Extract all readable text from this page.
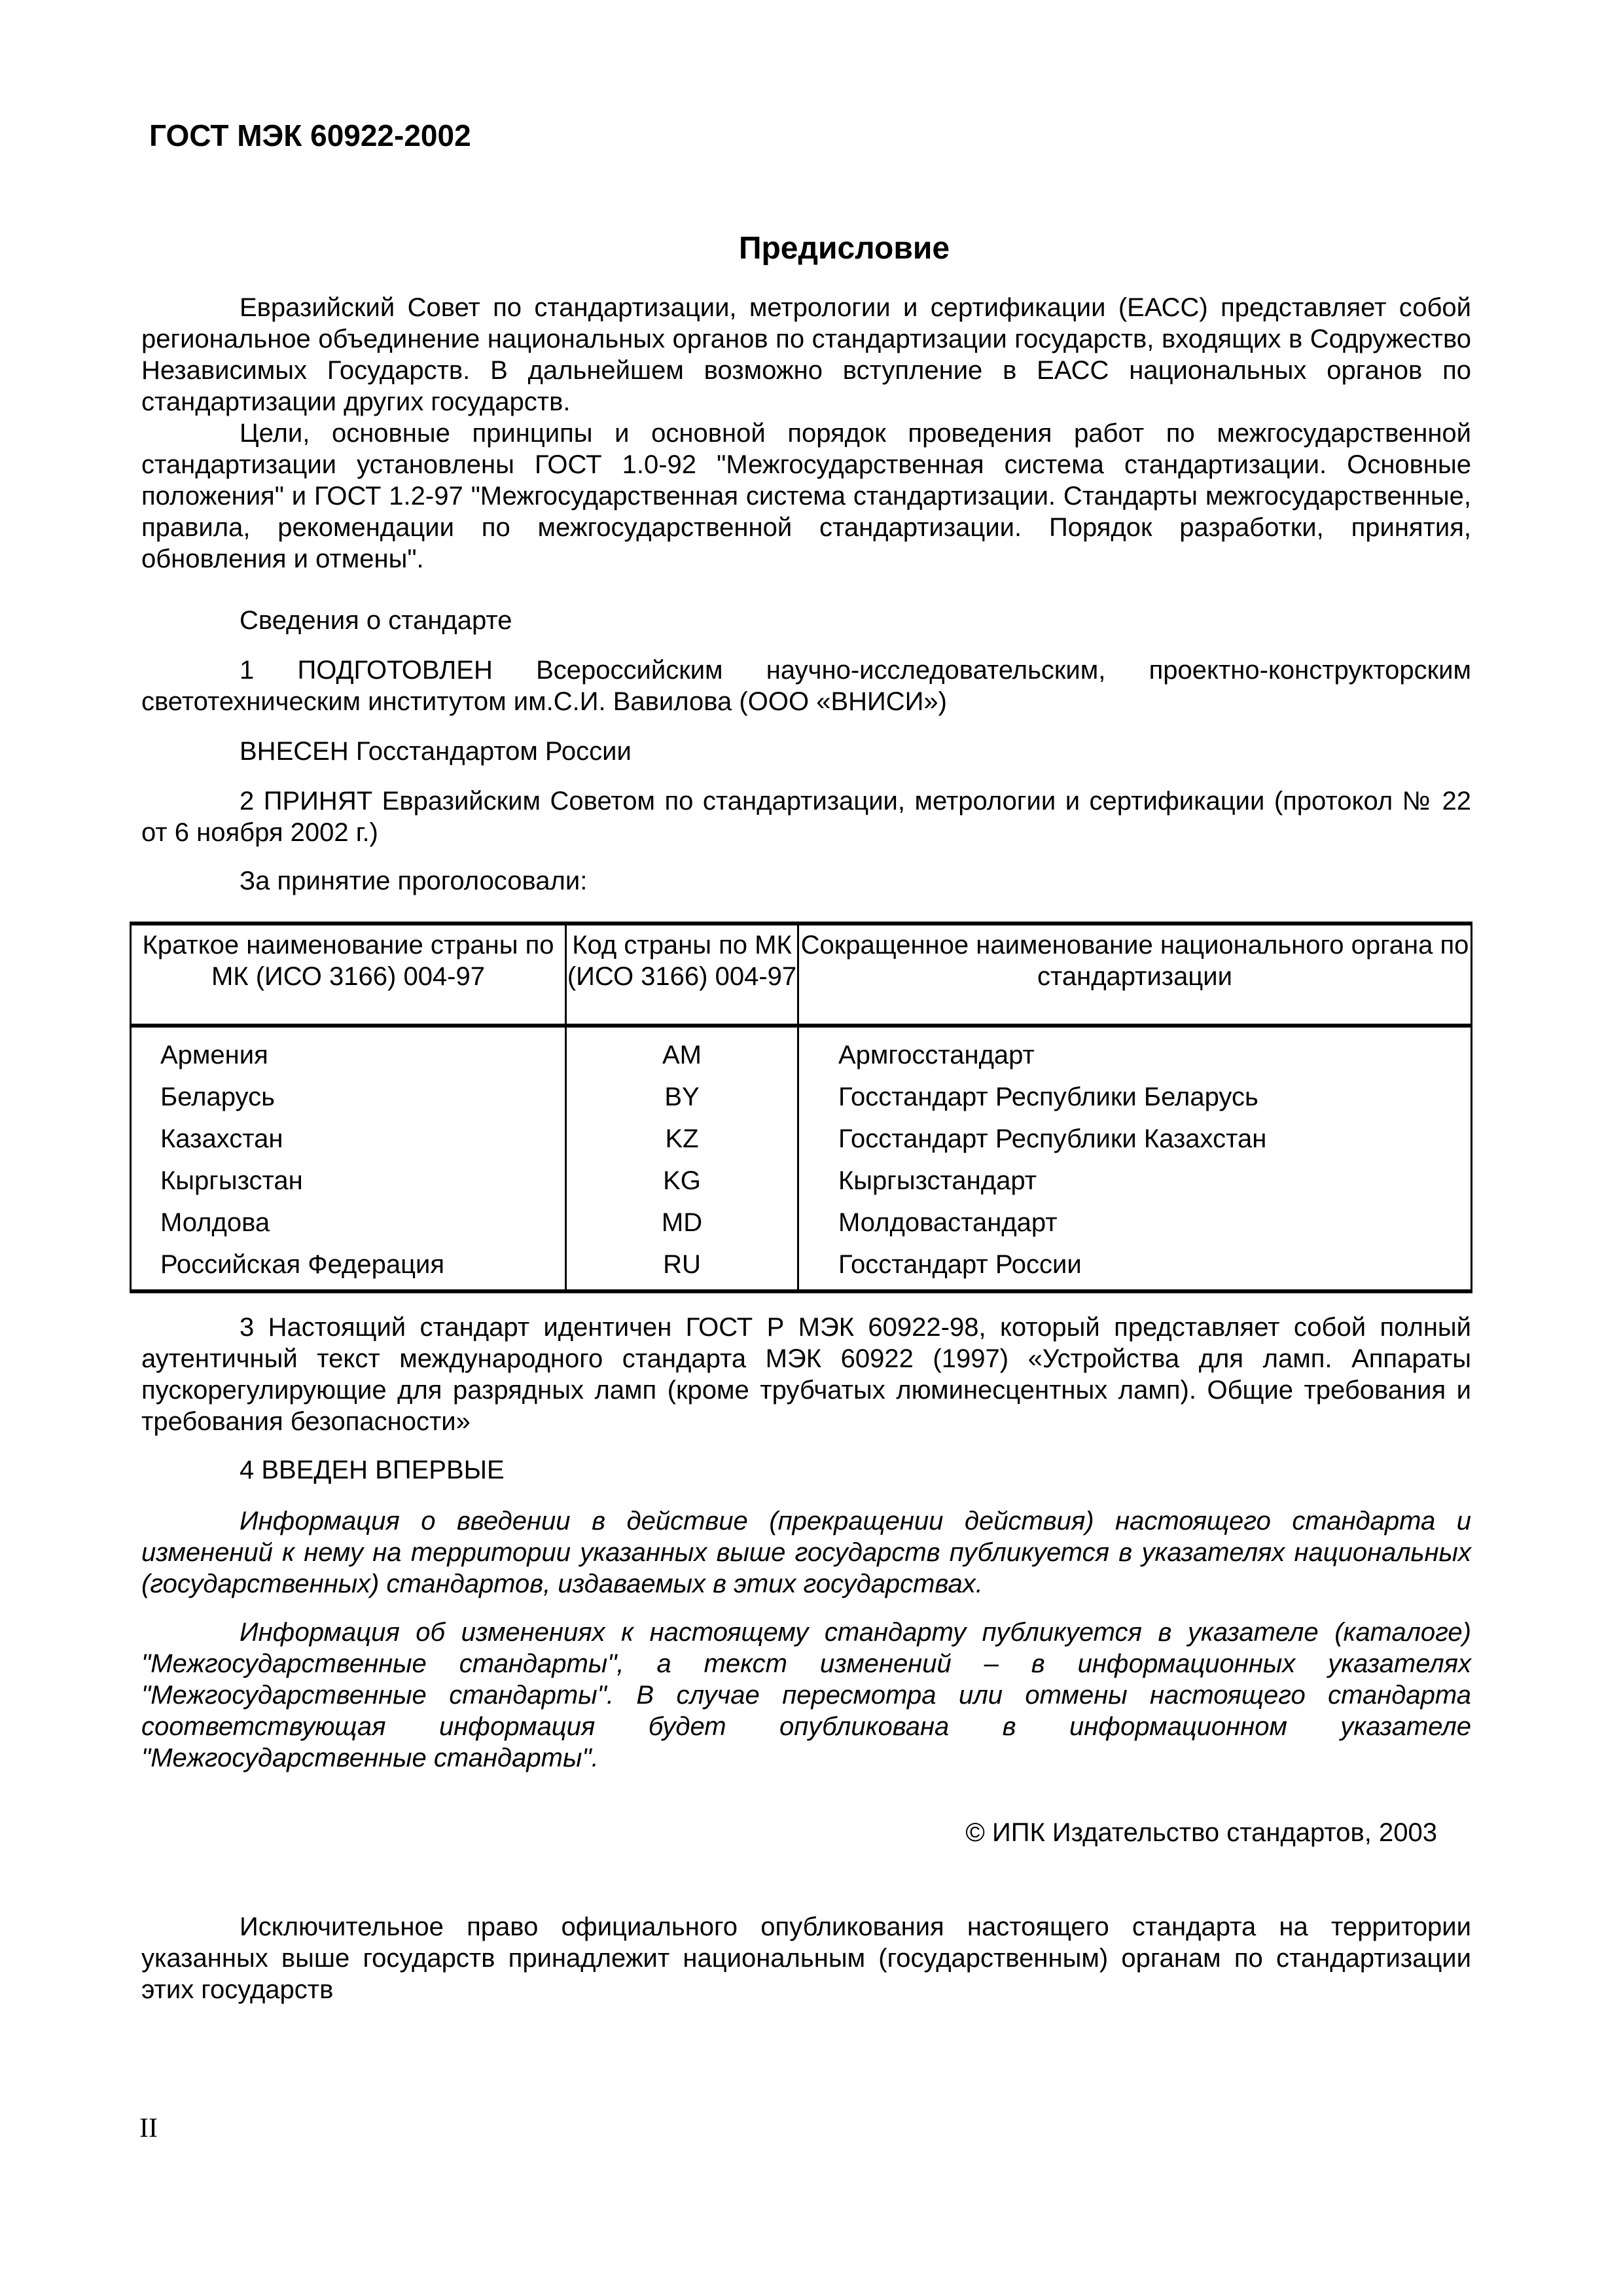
ГОСТ МЭК 60922-2002
Предисловие

Евразийский Совет по стандартизации, метрологии и сертификации (ЕАСС) представляет собой региональное объединение национальных органов по стандартизации государств, входящих в Содружество Независимых Государств. В дальнейшем возможно вступление в ЕАСС национальных органов по стандартизации других государств.

Цели, основные принципы и основной порядок проведения работ по межгосударственной стандартизации установлены ГОСТ 1.0-92 "Межгосударственная система стандартизации. Основные положения" и ГОСТ 1.2-97 "Межгосударственная система стандартизации. Стандарты межгосударственные, правила, рекомендации по межгосударственной стандартизации. Порядок разработки, принятия, обновления и отмены".

Сведения о стандарте

1 ПОДГОТОВЛЕН Всероссийским научно-исследовательским, проектно-конструкторским светотехническим институтом им.С.И. Вавилова (ООО «ВНИСИ»)

ВНЕСЕН Госстандартом России

2 ПРИНЯТ Евразийским Советом по стандартизации, метрологии и сертификации (протокол № 22 от 6 ноября 2002 г.)

За принятие проголосовали:

Краткое наименование страны по МК (ИСО 3166) 004-97	Код страны по МК (ИСО 3166) 004-97	Сокращенное наименование национального органа по стандартизации
Армения	AM	Армгосстандарт
Беларусь	BY	Госстандарт Республики Беларусь
Казахстан	KZ	Госстандарт Республики Казахстан
Кыргызстан	KG	Кыргызстандарт
Молдова	MD	Молдовастандарт
Российская Федерация	RU	Госстандарт России

3 Настоящий стандарт идентичен ГОСТ Р МЭК 60922-98, который представляет собой полный аутентичный текст международного стандарта МЭК 60922 (1997) «Устройства для ламп. Аппараты пускорегулирующие для разрядных ламп (кроме трубчатых люминесцентных ламп). Общие требования и требования безопасности»

4 ВВЕДЕН ВПЕРВЫЕ

Информация о введении в действие (прекращении действия) настоящего стандарта и изменений к нему на территории указанных выше государств публикуется в указателях национальных (государственных) стандартов, издаваемых в этих государствах.

Информация об изменениях к настоящему стандарту публикуется в указателе (каталоге) "Межгосударственные стандарты", а текст изменений – в информационных указателях "Межгосударственные стандарты". В случае пересмотра или отмены настоящего стандарта соответствующая информация будет опубликована в информационном указателе "Межгосударственные стандарты".

© ИПК Издательство стандартов, 2003

Исключительное право официального опубликования настоящего стандарта на территории указанных выше государств принадлежит национальным (государственным) органам по стандартизации этих государств

II
